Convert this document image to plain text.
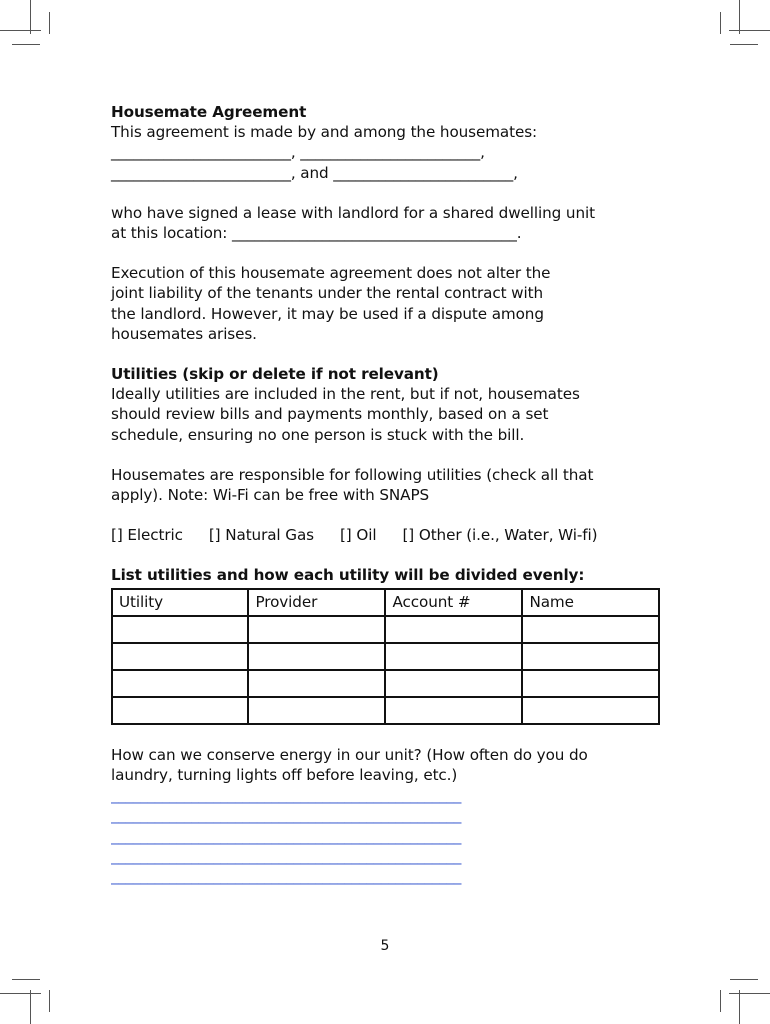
Housemate Agreement

This agreement is made by and among the housemates:

________________________, ________________________,

________________________, and ________________________,

who have signed a lease with landlord for a shared dwelling unit

at this location: ______________________________________.

Execution of this housemate agreement does not alter the

joint liability of the tenants under the rental contract with

the landlord. However, it may be used if a dispute among

housemates arises.

Utilities (skip or delete if not relevant)

Ideally utilities are included in the rent, but if not, housemates

should review bills and payments monthly, based on a set

schedule, ensuring no one person is stuck with the bill.

Housemates are responsible for following utilities (check all that

apply). Note: Wi-Fi can be free with SNAPS

[] Electric [] Natural Gas [] Oil [] Other (i.e., Water, Wi-fi)

List utilities and how each utility will be divided evenly:

Utility	Provider	Account #	Name

How can we conserve energy in our unit? (How often do you do

laundry, turning lights off before leaving, etc.)

________________________________________________
________________________________________________
________________________________________________
________________________________________________
________________________________________________
5
